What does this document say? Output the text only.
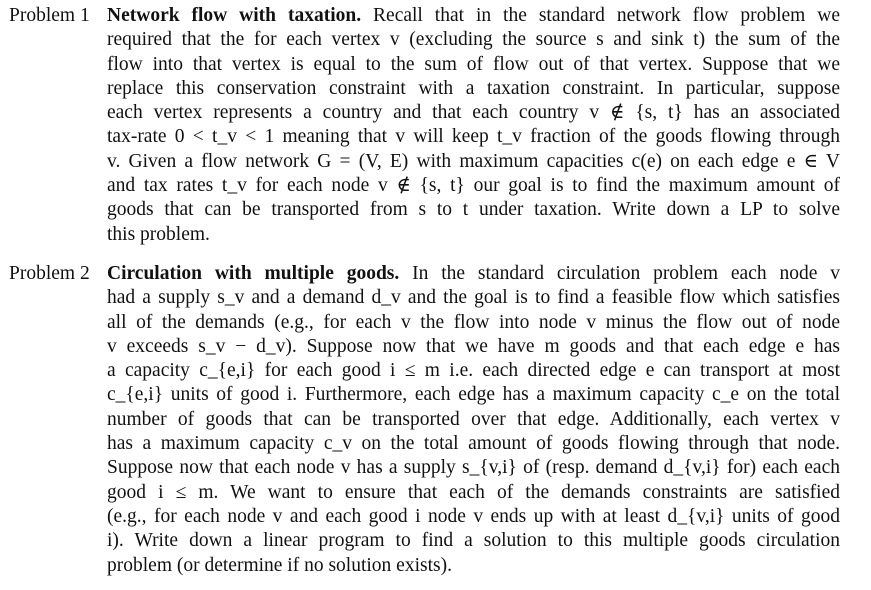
Problem 1 Network flow with taxation. Recall that in the standard network flow problem we
required that the for each vertex v (excluding the source s and sink t) the sum of the
flow into that vertex is equal to the sum of flow out of that vertex. Suppose that we
replace this conservation constraint with a taxation constraint. In particular, suppose
each vertex represents a country and that each country v ∉ {s, t} has an associated
tax-rate 0 < t_v < 1 meaning that v will keep t_v fraction of the goods flowing through
v. Given a flow network G = (V, E) with maximum capacities c(e) on each edge e ∈ V
and tax rates t_v for each node v ∉ {s, t} our goal is to find the maximum amount of
goods that can be transported from s to t under taxation. Write down a LP to solve
this problem.
Problem 2 Circulation with multiple goods. In the standard circulation problem each node v
had a supply s_v and a demand d_v and the goal is to find a feasible flow which satisfies
all of the demands (e.g., for each v the flow into node v minus the flow out of node
v exceeds s_v − d_v). Suppose now that we have m goods and that each edge e has
a capacity c_{e,i} for each good i ≤ m i.e. each directed edge e can transport at most
c_{e,i} units of good i. Furthermore, each edge has a maximum capacity c_e on the total
number of goods that can be transported over that edge. Additionally, each vertex v
has a maximum capacity c_v on the total amount of goods flowing through that node.
Suppose now that each node v has a supply s_{v,i} of (resp. demand d_{v,i} for) each each
good i ≤ m. We want to ensure that each of the demands constraints are satisfied
(e.g., for each node v and each good i node v ends up with at least d_{v,i} units of good
i). Write down a linear program to find a solution to this multiple goods circulation
problem (or determine if no solution exists).
